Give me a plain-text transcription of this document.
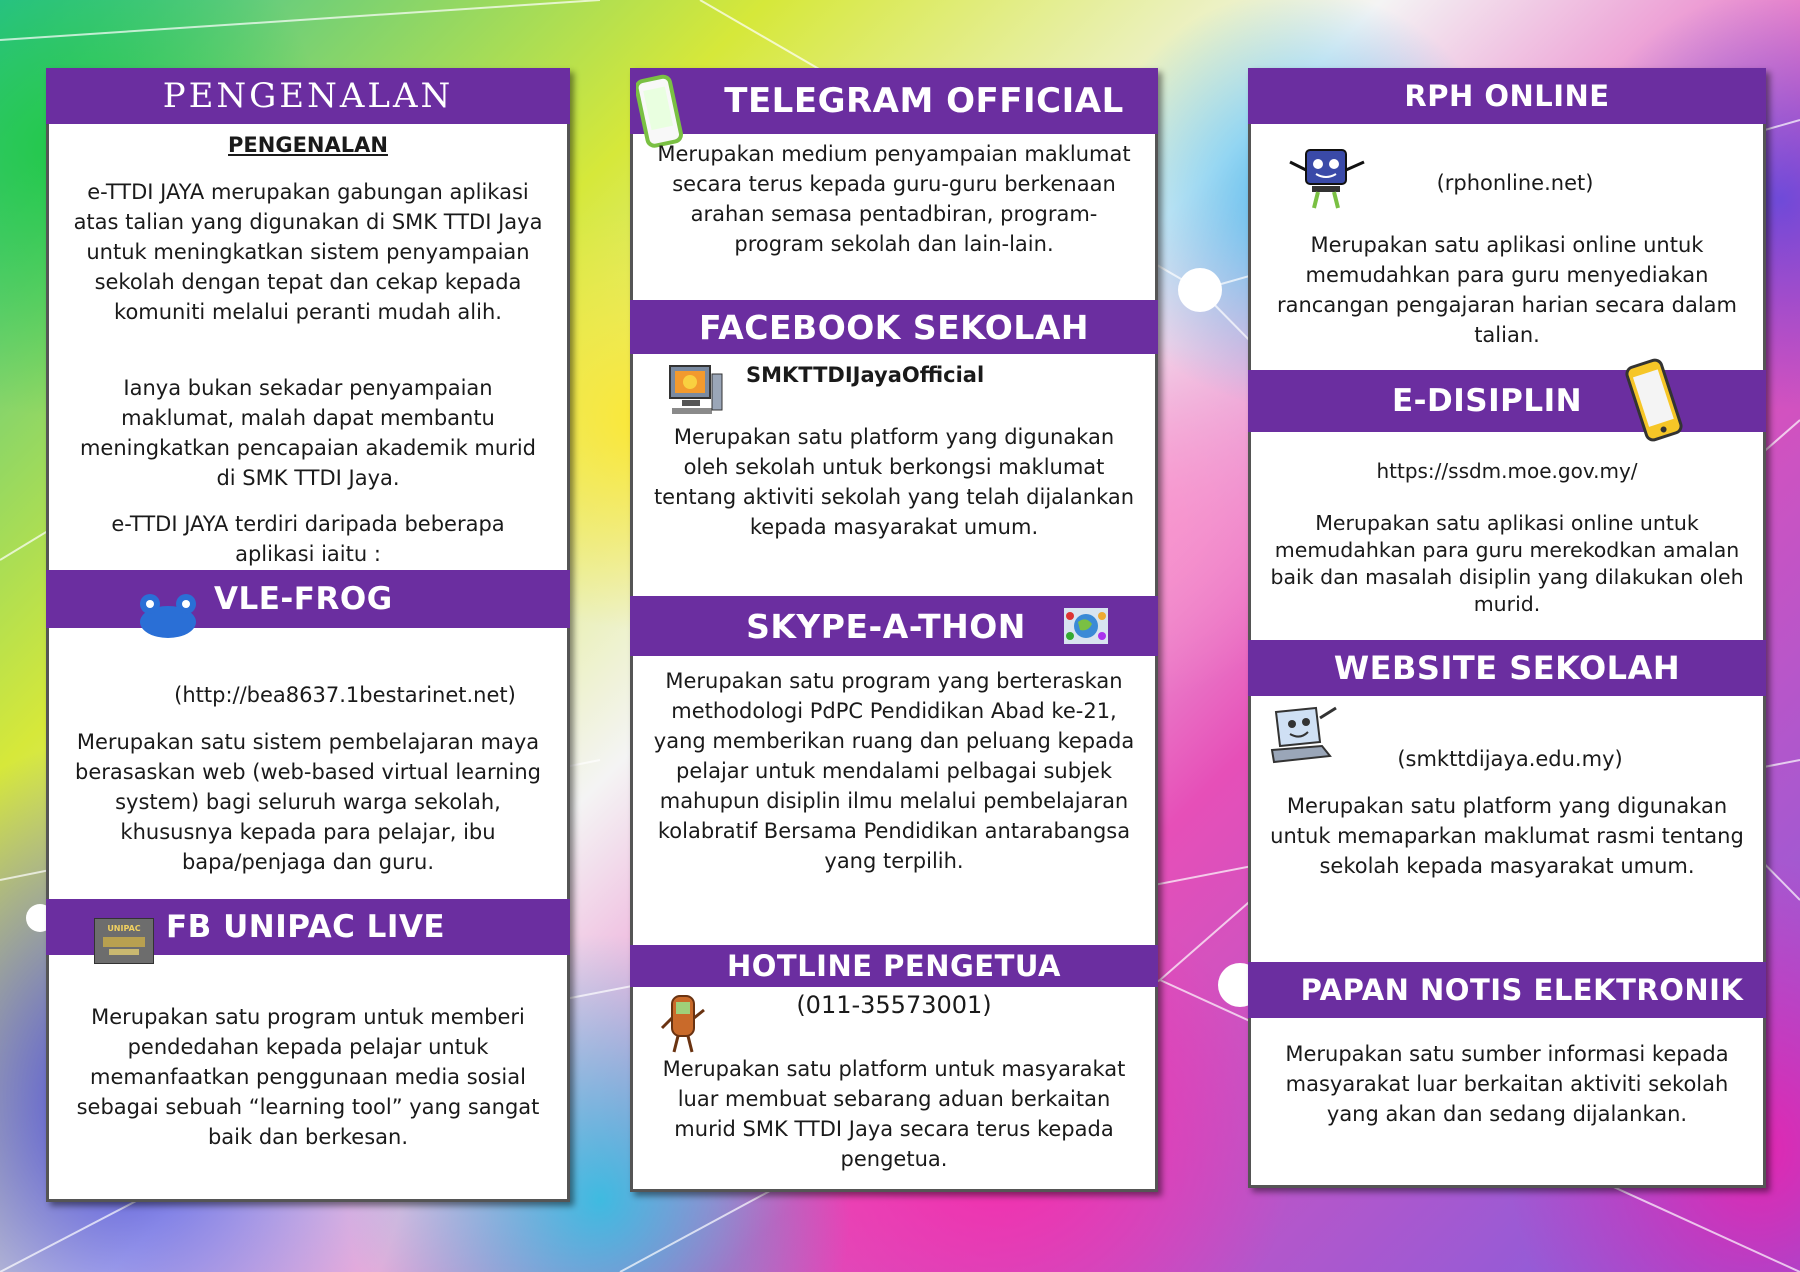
PENGENALAN
PENGENALAN
e-TTDI JAYA merupakan gabungan aplikasi atas talian yang digunakan di SMK TTDI Jaya untuk meningkatkan sistem penyampaian sekolah dengan tepat dan cekap kepada komuniti melalui peranti mudah alih.
Ianya bukan sekadar penyampaian maklumat, malah dapat membantu meningkatkan pencapaian akademik murid di SMK TTDI Jaya.
e-TTDI JAYA terdiri daripada beberapa aplikasi iaitu :
VLE-FROG
(http://bea8637.1bestarinet.net)
Merupakan satu sistem pembelajaran maya berasaskan web (web-based virtual learning system) bagi seluruh warga sekolah, khususnya kepada para pelajar, ibu bapa/penjaga dan guru.
FB UNIPAC LIVE
UNIPAC
Merupakan satu program untuk memberi pendedahan kepada pelajar untuk memanfaatkan penggunaan media sosial sebagai sebuah “learning tool” yang sangat baik dan berkesan.
TELEGRAM OFFICIAL
Merupakan medium penyampaian maklumat secara terus kepada guru-guru berkenaan arahan semasa pentadbiran, program-program sekolah dan lain-lain.
FACEBOOK SEKOLAH
SMKTTDIJayaOfficial
Merupakan satu platform yang digunakan oleh sekolah untuk berkongsi maklumat tentang aktiviti sekolah yang telah dijalankan kepada masyarakat umum.
SKYPE-A-THON
Merupakan satu program yang berteraskan methodologi PdPC Pendidikan Abad ke-21, yang memberikan ruang dan peluang kepada pelajar untuk mendalami pelbagai subjek mahupun disiplin ilmu melalui pembelajaran kolabratif Bersama Pendidikan antarabangsa yang terpilih.
HOTLINE PENGETUA
(011-35573001)
Merupakan satu platform untuk masyarakat luar membuat sebarang aduan berkaitan murid SMK TTDI Jaya secara terus kepada pengetua.
RPH ONLINE
(rphonline.net)
Merupakan satu aplikasi online untuk memudahkan para guru menyediakan rancangan pengajaran harian secara dalam talian.
E-DISIPLIN
https://ssdm.moe.gov.my/
Merupakan satu aplikasi online untuk memudahkan para guru merekodkan amalan baik dan masalah disiplin yang dilakukan oleh murid.
WEBSITE SEKOLAH
(smkttdijaya.edu.my)
Merupakan satu platform yang digunakan untuk memaparkan maklumat rasmi tentang sekolah kepada masyarakat umum.
PAPAN NOTIS ELEKTRONIK
Merupakan satu sumber informasi kepada masyarakat luar berkaitan aktiviti sekolah yang akan dan sedang dijalankan.
